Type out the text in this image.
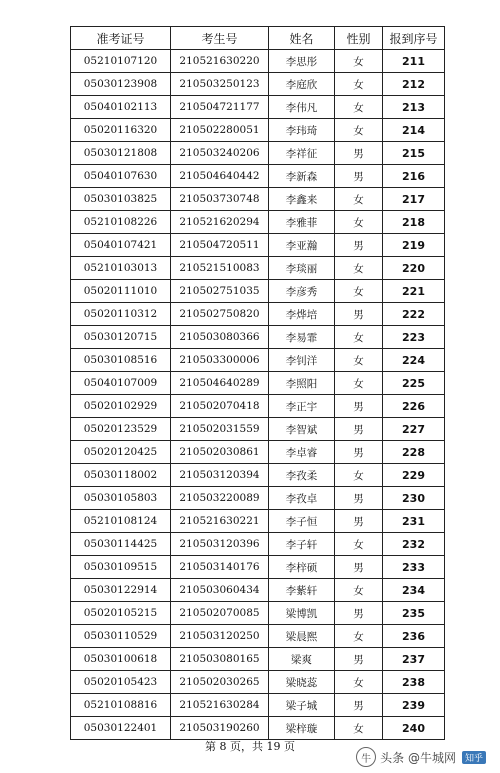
准考证号	考生号	姓名	性别	报到序号
05210107120	210521630220	李思彤	女	211
05030123908	210503250123	李庭欣	女	212
05040102113	210504721177	李伟凡	女	213
05020116320	210502280051	李玮琦	女	214
05030121808	210503240206	李祥征	男	215
05040107630	210504640442	李新森	男	216
05030103825	210503730748	李鑫来	女	217
05210108226	210521620294	李雅菲	女	218
05040107421	210504720511	李亚瀚	男	219
05210103013	210521510083	李琰丽	女	220
05020111010	210502751035	李彦秀	女	221
05020110312	210502750820	李烨培	男	222
05030120715	210503080366	李易霏	女	223
05030108516	210503300006	李钊洋	女	224
05040107009	210504640289	李照阳	女	225
05020102929	210502070418	李正宇	男	226
05020123529	210502031559	李智斌	男	227
05020120425	210502030861	李卓睿	男	228
05030118002	210503120394	李孜柔	女	229
05030105803	210503220089	李孜卓	男	230
05210108124	210521630221	李子恒	男	231
05030114425	210503120396	李子轩	女	232
05030109515	210503140176	李梓硕	男	233
05030122914	210503060434	李紫轩	女	234
05020105215	210502070085	梁博凯	男	235
05030110529	210503120250	梁晨熙	女	236
05030100618	210503080165	梁爽	男	237
05020105423	210502030265	梁晓蕊	女	238
05210108816	210521630284	梁子城	男	239
05030122401	210503190260	梁梓璇	女	240
第 8 页，共 19 页
牛 头条 @牛城网	知乎
